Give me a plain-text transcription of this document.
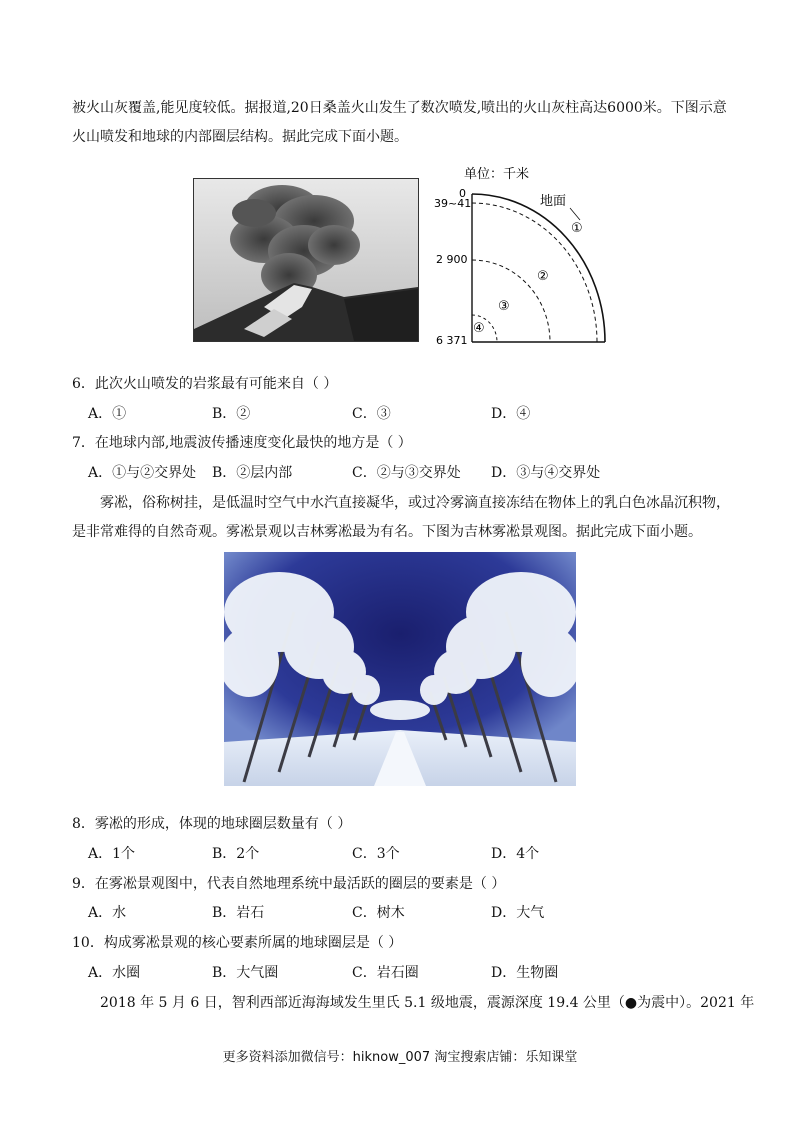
被火山灰覆盖,能见度较低。据报道,20日桑盖火山发生了数次喷发,喷出的火山灰柱高达6000米。下图示意
火山喷发和地球的内部圈层结构。据此完成下面小题。
单位：千米
0
39~41
2 900
6 371
地面
①
②
③
④
6．此次火山喷发的岩浆最有可能来自（ ）
A．①	B．②	C．③	D．④
7．在地球内部,地震波传播速度变化最快的地方是（ ）
A．①与②交界处 B．②层内部	C．②与③交界处 D．③与④交界处
雾凇，俗称树挂，是低温时空气中水汽直接凝华，或过冷雾滴直接冻结在物体上的乳白色冰晶沉积物，
是非常难得的自然奇观。雾凇景观以吉林雾凇最为有名。下图为吉林雾凇景观图。据此完成下面小题。
8．雾凇的形成，体现的地球圈层数量有（ ）
A．1个	B．2个	C．3个	D．4个
9．在雾凇景观图中，代表自然地理系统中最活跃的圈层的要素是（ ）
A．水	B．岩石	C．树木	D．大气
10．构成雾凇景观的核心要素所属的地球圈层是（ ）
A．水圈	B．大气圈	C．岩石圈	D．生物圈
2018 年 5 月 6 日，智利西部近海海域发生里氏 5.1 级地震，震源深度 19.4 公里（●为震中）。2021 年
更多资料添加微信号：hiknow_007 淘宝搜索店铺：乐知课堂
